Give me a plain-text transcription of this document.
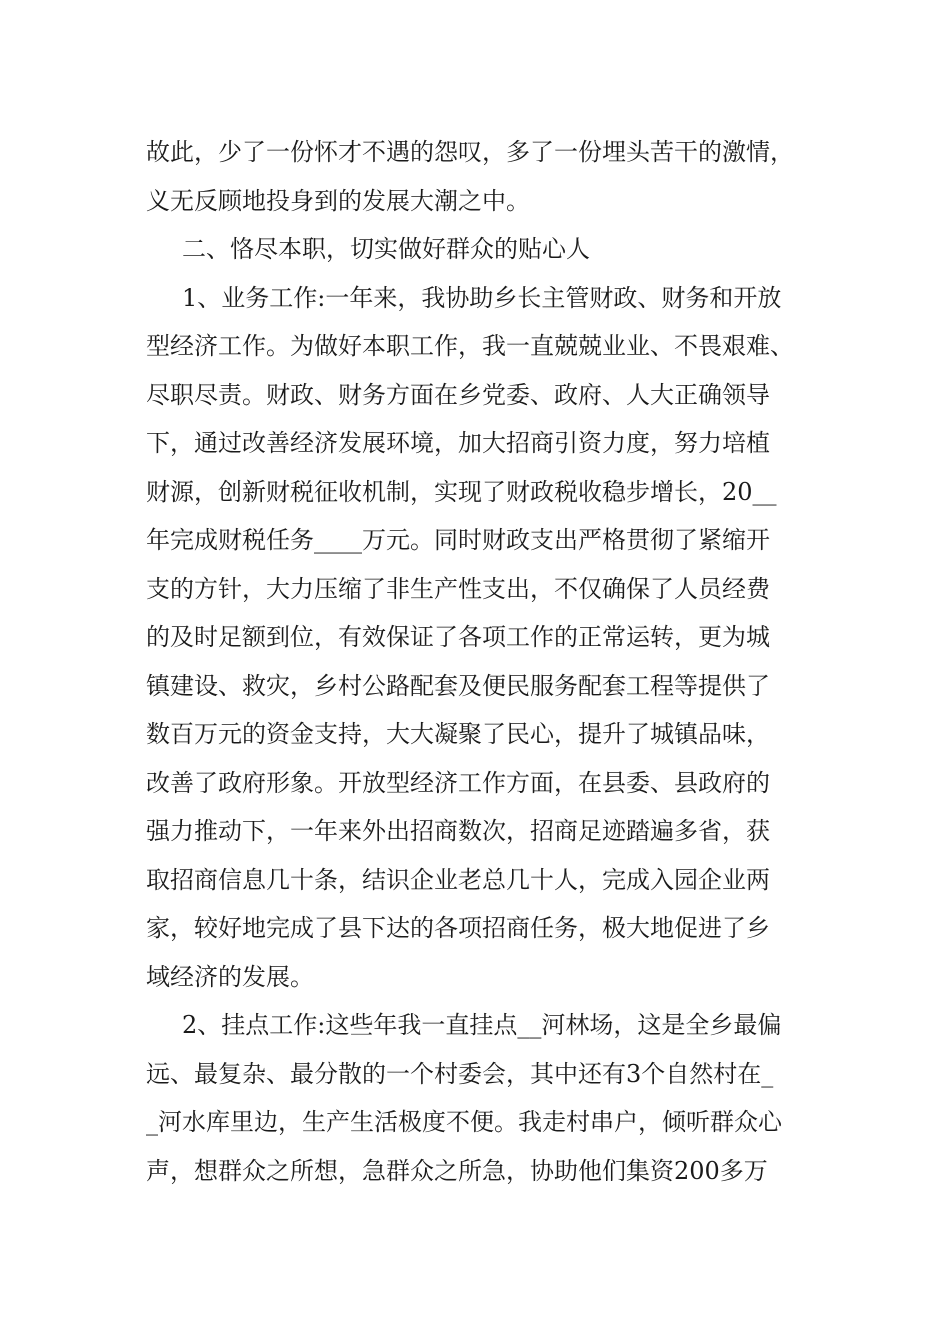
故此，少了一份怀才不遇的怨叹，多了一份埋头苦干的激情，
义无反顾地投身到的发展大潮之中。
二、恪尽本职，切实做好群众的贴心人
1、业务工作:一年来，我协助乡长主管财政、财务和开放
型经济工作。为做好本职工作，我一直兢兢业业、不畏艰难、
尽职尽责。财政、财务方面在乡党委、政府、人大正确领导
下，通过改善经济发展环境，加大招商引资力度，努力培植
财源，创新财税征收机制，实现了财政税收稳步增长，20__
年完成财税任务____万元。同时财政支出严格贯彻了紧缩开
支的方针，大力压缩了非生产性支出，不仅确保了人员经费
的及时足额到位，有效保证了各项工作的正常运转，更为城
镇建设、救灾，乡村公路配套及便民服务配套工程等提供了
数百万元的资金支持，大大凝聚了民心，提升了城镇品味，
改善了政府形象。开放型经济工作方面，在县委、县政府的
强力推动下，一年来外出招商数次，招商足迹踏遍多省，获
取招商信息几十条，结识企业老总几十人，完成入园企业两
家，较好地完成了县下达的各项招商任务，极大地促进了乡
域经济的发展。
2、挂点工作:这些年我一直挂点__河林场，这是全乡最偏
远、最复杂、最分散的一个村委会，其中还有3个自然村在_
_河水库里边，生产生活极度不便。我走村串户，倾听群众心
声，想群众之所想，急群众之所急，协助他们集资200多万
